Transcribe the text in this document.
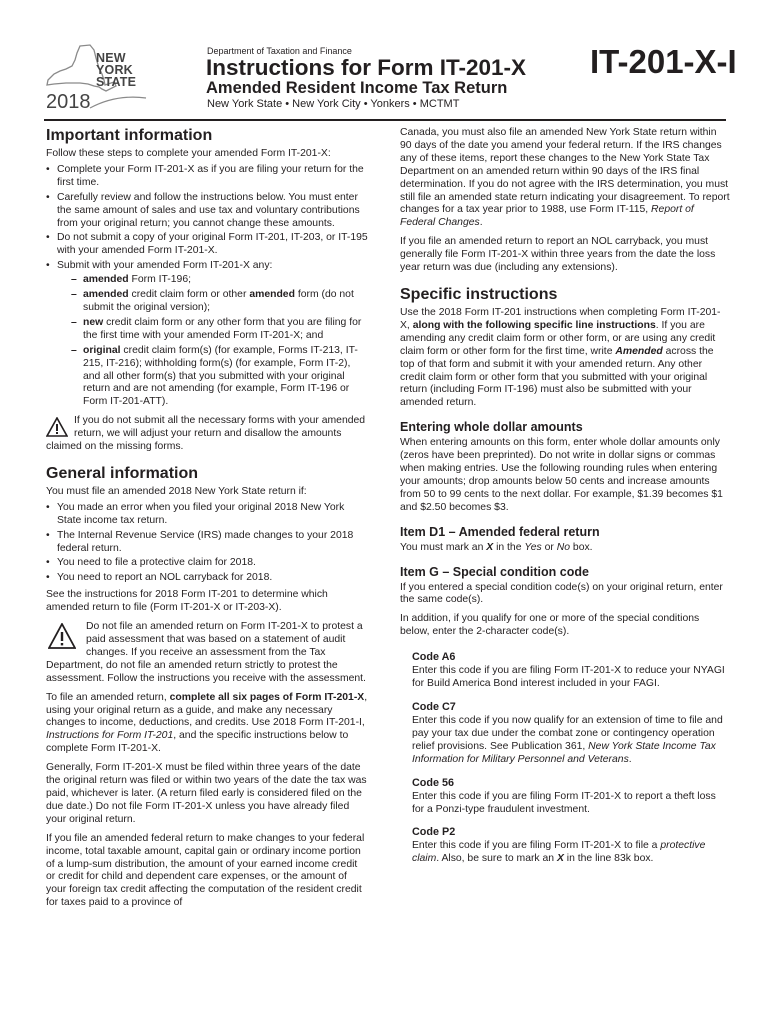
NEW
YORK
STATE
2018
Department of Taxation and Finance
Instructions for Form IT-201-X
Amended Resident Income Tax Return
New York State • New York City • Yonkers • MCTMT
IT-201-X-I
Important information

Follow these steps to complete your amended Form IT-201-X:

• Complete your Form IT-201-X as if you are filing your return for the first time.
• Carefully review and follow the instructions below. You must enter the same amount of sales and use tax and voluntary contributions from your original return; you cannot change these amounts.
• Do not submit a copy of your original Form IT-201, IT-203, or IT-195 with your amended Form IT-201-X.
• Submit with your amended Form IT-201-X any:
– amended Form IT-196;
– amended credit claim form or other amended form (do not submit the original version);
– new credit claim form or any other form that you are filing for the first time with your amended Form IT-201-X; and
– original credit claim form(s) (for example, Forms IT-213, IT-215, IT-216); withholding form(s) (for example, Form IT-2), and all other form(s) that you submitted with your original return and are not amending (for example, Form IT-196 or Form IT-201-ATT).
If you do not submit all the necessary forms with your amended return, we will adjust your return and disallow the amounts claimed on the missing forms.
General information

You must file an amended 2018 New York State return if:

• You made an error when you filed your original 2018 New York State income tax return.
• The Internal Revenue Service (IRS) made changes to your 2018 federal return.
• You need to file a protective claim for 2018.
• You need to report an NOL carryback for 2018.

See the instructions for 2018 Form IT-201 to determine which amended return to file (Form IT-201-X or IT-203-X).

Do not file an amended return on Form IT-201-X to protest a paid assessment that was based on a statement of audit changes. If you receive an assessment from the Tax Department, do not file an amended return strictly to protest the assessment. Follow the instructions you receive with the assessment.

To file an amended return, complete all six pages of Form IT-201-X, using your original return as a guide, and make any necessary changes to income, deductions, and credits. Use 2018 Form IT-201-I, Instructions for Form IT-201, and the specific instructions below to complete Form IT-201-X.

Generally, Form IT-201-X must be filed within three years of the date the original return was filed or within two years of the date the tax was paid, whichever is later. (A return filed early is considered filed on the due date.) Do not file Form IT-201-X unless you have already filed your original return.

If you file an amended federal return to make changes to your federal income, total taxable amount, capital gain or ordinary income portion of a lump-sum distribution, the amount of your earned income credit or credit for child and dependent care expenses, or the amount of your foreign tax credit affecting the computation of the resident credit for taxes paid to a province of

Canada, you must also file an amended New York State return within 90 days of the date you amend your federal return. If the IRS changes any of these items, report these changes to the New York State Tax Department on an amended return within 90 days of the IRS final determination. If you do not agree with the IRS determination, you must still file an amended state return indicating your disagreement. To report changes for a tax year prior to 1988, use Form IT-115, Report of Federal Changes.

If you file an amended return to report an NOL carryback, you must generally file Form IT-201-X within three years from the date the loss year return was due (including any extensions).

Specific instructions

Use the 2018 Form IT-201 instructions when completing Form IT-201-X, along with the following specific line instructions. If you are amending any credit claim form or other form, or are using any credit claim form or other form for the first time, write Amended across the top of that form and submit it with your amended return. Any other credit claim form or other form that you submitted with your original return (including Form IT-196) must also be submitted with your amended return.

Entering whole dollar amounts

When entering amounts on this form, enter whole dollar amounts only (zeros have been preprinted). Do not write in dollar signs or commas when making entries. Use the following rounding rules when entering your amounts; drop amounts below 50 cents and increase amounts from 50 to 99 cents to the next dollar. For example, $1.39 becomes $1 and $2.50 becomes $3.

Item D1 – Amended federal return

You must mark an X in the Yes or No box.

Item G – Special condition code

If you entered a special condition code(s) on your original return, enter the same code(s).

In addition, if you qualify for one or more of the special conditions below, enter the 2-character code(s).

Code A6
Enter this code if you are filing Form IT-201-X to reduce your NYAGI for Build America Bond interest included in your FAGI.
Code C7
Enter this code if you now qualify for an extension of time to file and pay your tax due under the combat zone or contingency operation relief provisions. See Publication 361, New York State Income Tax Information for Military Personnel and Veterans.
Code 56
Enter this code if you are filing Form IT-201-X to report a theft loss for a Ponzi-type fraudulent investment.
Code P2
Enter this code if you are filing Form IT-201-X to file a protective claim. Also, be sure to mark an X in the line 83k box.
